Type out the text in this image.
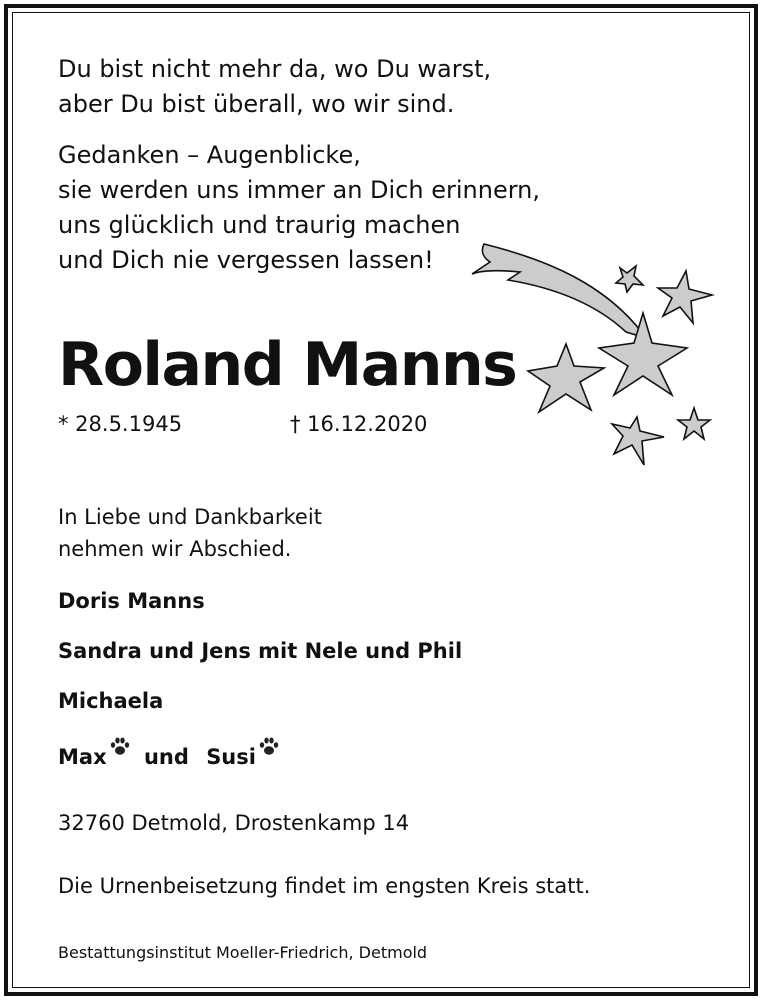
Du bist nicht mehr da, wo Du warst,
aber Du bist überall, wo wir sind.
Gedanken – Augenblicke,
sie werden uns immer an Dich erinnern,
uns glücklich und traurig machen
und Dich nie vergessen lassen!
Roland Manns
* 28.5.1945	† 16.12.2020
In Liebe und Dankbarkeit
nehmen wir Abschied.
Doris Manns
Sandra und Jens mit Nele und Phil
Michaela
Max und Susi
32760 Detmold, Drostenkamp 14
Die Urnenbeisetzung findet im engsten Kreis statt.
Bestattungsinstitut Moeller-Friedrich, Detmold
